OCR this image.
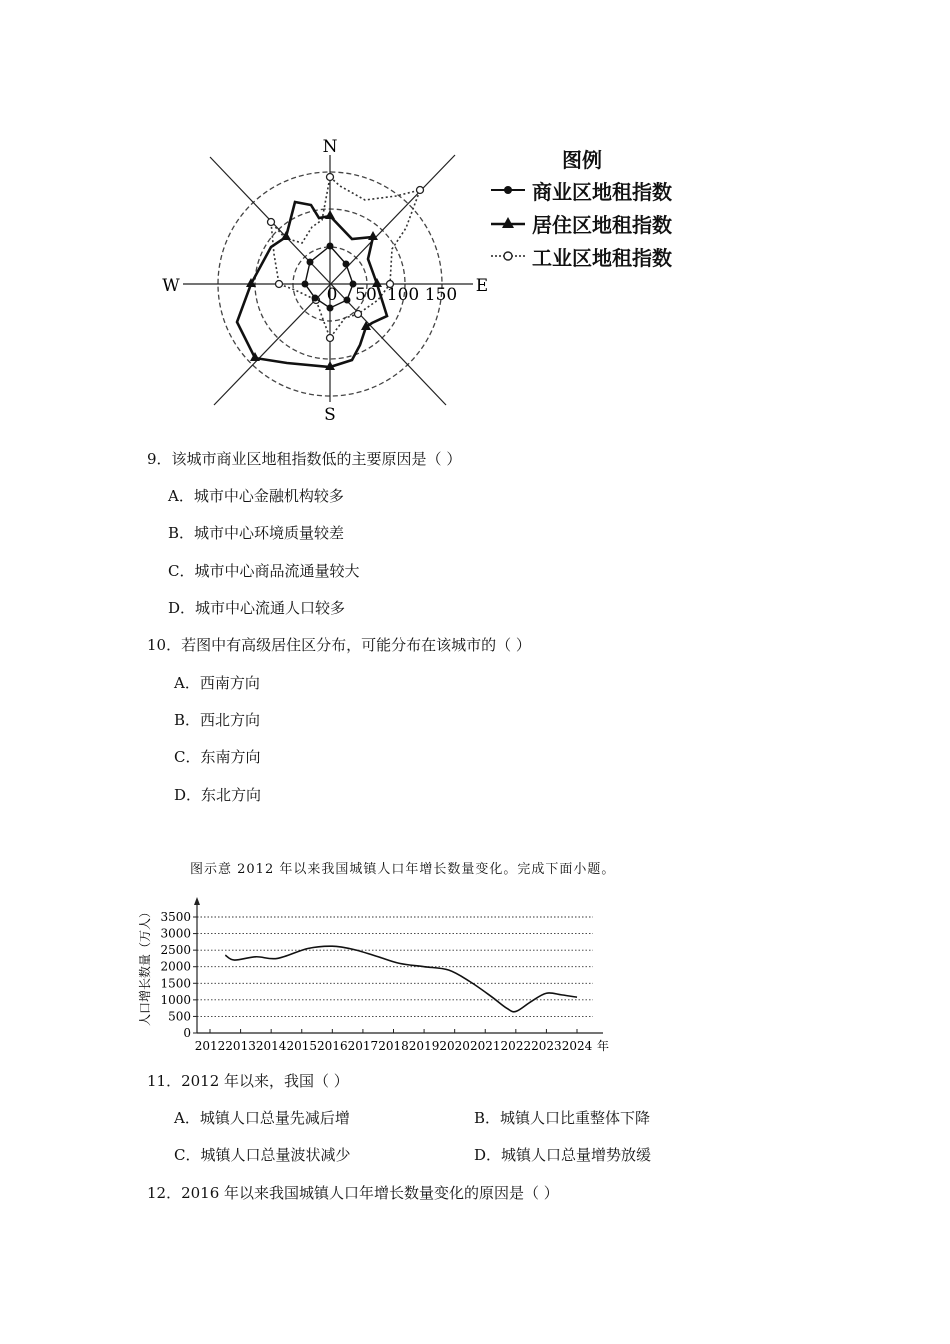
N
S
E
W	0 50 100 150
图例
商业区地租指数
居住区地租指数
工业区地租指数
9．该城市商业区地租指数低的主要原因是（ ）
A．城市中心金融机构较多
B．城市中心环境质量较差
C．城市中心商品流通量较大
D．城市中心流通人口较多
10．若图中有高级居住区分布，可能分布在该城市的（ ）
A．西南方向
B．西北方向
C．东南方向
D．东北方向
图示意 2012 年以来我国城镇人口年增长数量变化。完成下面小题。
0
500
1000
1500
2000
2500
3000
3500
2012 2013 2014 2015 2016 2017 2018 2019 2020 2021 2022 2023 2024 年
人口增长数量（万人）
11．2012 年以来，我国（ ）
A．城镇人口总量先减后增	B．城镇人口比重整体下降
C．城镇人口总量波状减少	D．城镇人口总量增势放缓
12．2016 年以来我国城镇人口年增长数量变化的原因是（ ）
